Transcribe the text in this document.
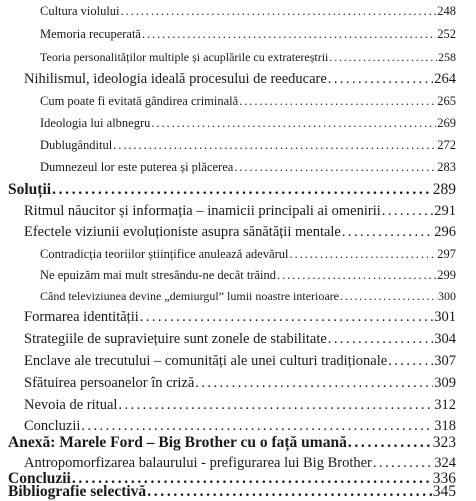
Cultura violului . . .	248
Memoria recuperată . . .	252
Teoria personalităților multiple și acuplările cu extratereștrii . . .	258
Nihilismul, ideologia ideală procesului de reeducare . . .	264
Cum poate fi evitată gândirea criminală . . .	265
Ideologia lui albnegru . . .	269
Dublugânditul . . .	272
Dumnezeul lor este puterea și plăcerea . . .	283
Soluții . . .	289
Ritmul năucitor și informația – inamicii principali ai omenirii . . .	291
Efectele viziunii evoluționiste asupra sănătății mentale . . .	296
Contradicția teoriilor științifice anulează adevărul . . .	297
Ne epuizăm mai mult stresându-ne decât trăind . . .	299
Când televiziunea devine „demiurgul” lumii noastre interioare . . .	300
Formarea identității . . .	301
Strategiile de supraviețuire sunt zonele de stabilitate . . .	304
Enclave ale trecutului – comunități ale unei culturi tradiționale . . .	307
Sfătuirea persoanelor în criză . . .	309
Nevoia de ritual . . .	312
Concluzii . . .	318
Anexă: Marele Ford – Big Brother cu o față umană . . .	323
Antropomorfizarea balaurului - prefigurarea lui Big Brother . . .	324
Concluzii . . .	336
Bibliografie selectivă . . .	345
